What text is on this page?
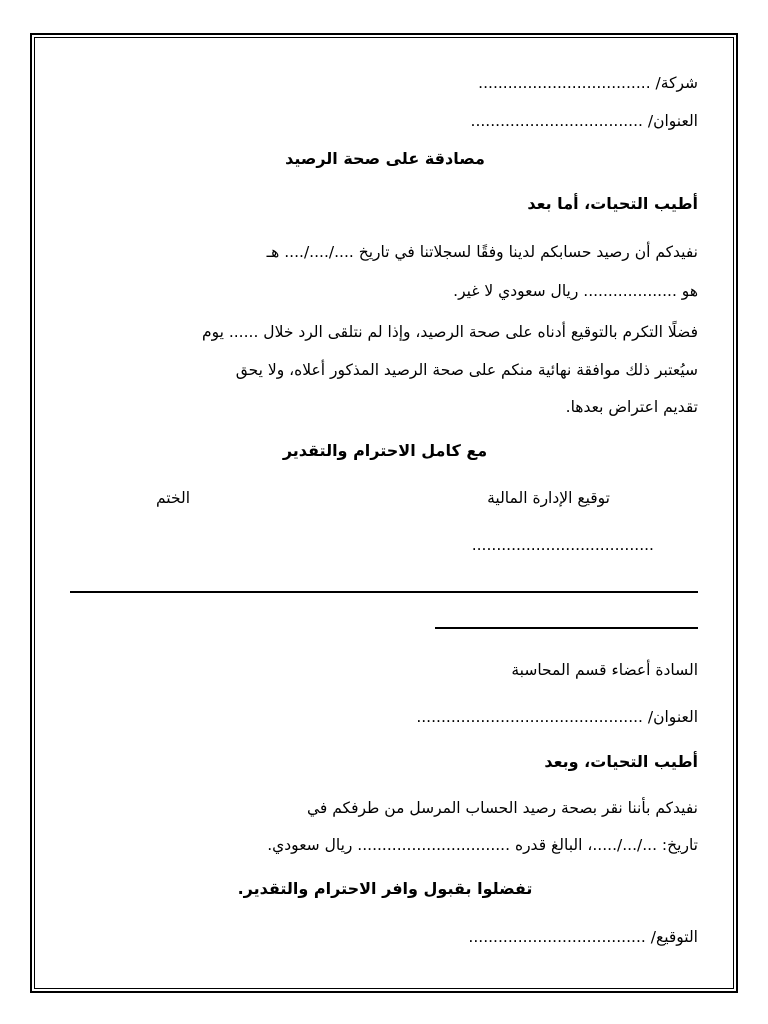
شركة/ ...................................
العنوان/ ...................................
مصادقة على صحة الرصيد
أطيب التحيات، أما بعد
نفيدكم أن رصيد حسابكم لدينا وفقًا لسجلاتنا في تاريخ ..../..../.... هـ
هو ................... ريال سعودي لا غير.
فضلًا التكرم بالتوقيع أدناه على صحة الرصيد، وإذا لم نتلقى الرد خلال ...... يوم
سيُعتبر ذلك موافقة نهائية منكم على صحة الرصيد المذكور أعلاه، ولا يحق
تقديم اعتراض بعدها.
مع كامل الاحترام والتقدير
توقيع الإدارة المالية
الختم
.....................................
السادة أعضاء قسم المحاسبة
العنوان/ ..............................................
أطيب التحيات، وبعد
نفيدكم بأننا نقر بصحة رصيد الحساب المرسل من طرفكم في
تاريخ: .../.../.....، البالغ قدره ............................... ريال سعودي.
تفضلوا بقبول وافر الاحترام والتقدير.
التوقيع/ ....................................
